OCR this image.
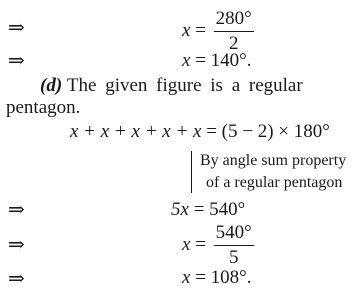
⇒	$x = \frac{280^\circ}{2}$
⇒	x = 140°.
(d) The given figure is a regular
pentagon.
x + x + x + x + x = (5 − 2) × 180°
By angle sum property
of a regular pentagon
⇒	5x = 540°
⇒	$x = \frac{540^\circ}{5}$
⇒	x = 108°.
